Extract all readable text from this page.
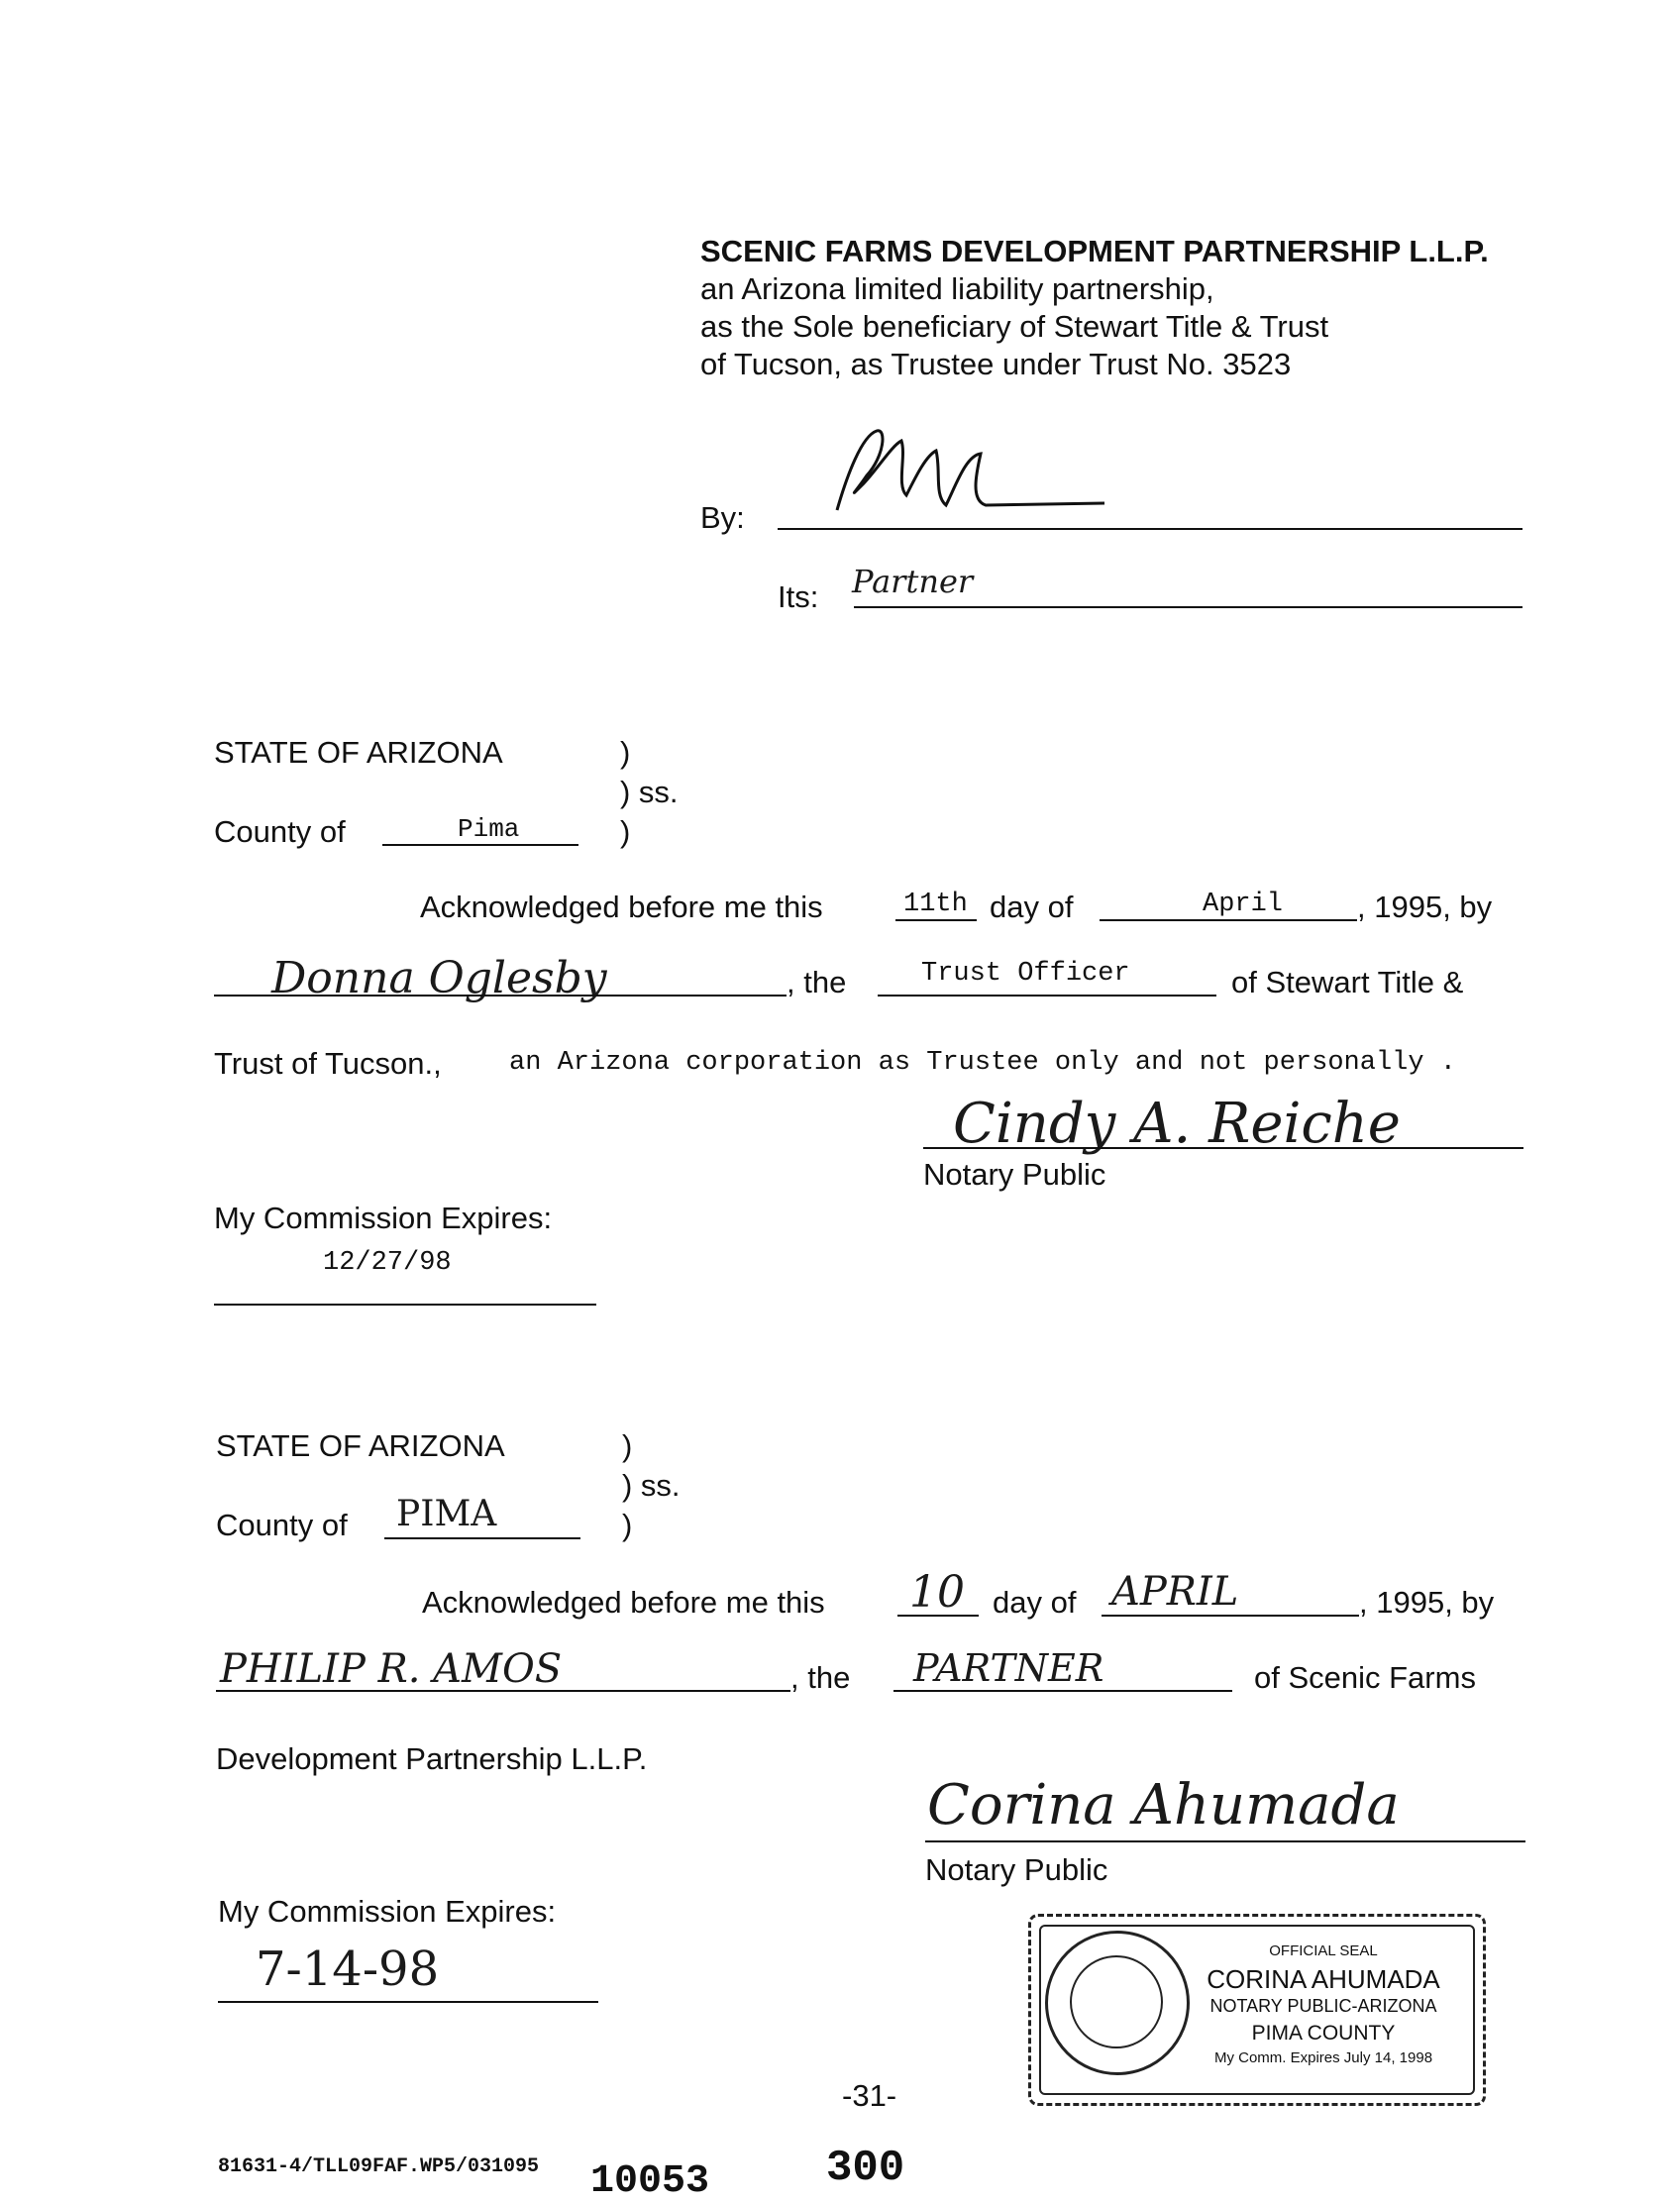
SCENIC FARMS DEVELOPMENT PARTNERSHIP L.L.P.
an Arizona limited liability partnership,
as the Sole beneficiary of Stewart Title & Trust
of Tucson, as Trustee under Trust No. 3523
By:
Its: Partner
STATE OF ARIZONA	)
) ss.
County of	Pima	)
Acknowledged before me this	11th day of	April , 1995, by
Donna Oglesby	, the	Trust Officer	of Stewart Title &
Trust of Tucson.,	an Arizona corporation as Trustee only and not personally .
Cindy A. Reiche
Notary Public
My Commission Expires:
12/27/98
STATE OF ARIZONA	)
) ss.
County of PIMA	)
Acknowledged before me this 10 day of APRIL	, 1995, by
PHILIP R. AMOS	, the PARTNER	of Scenic Farms
Development Partnership L.L.P.
Corina Ahumada
Notary Public
My Commission Expires:
7-14-98	OFFICIAL SEAL
CORINA AHUMADA
NOTARY PUBLIC-ARIZONA
PIMA COUNTY
My Comm. Expires July 14, 1998
-31-
81631-4/TLL09FAF.WP5/031095 10053	300
